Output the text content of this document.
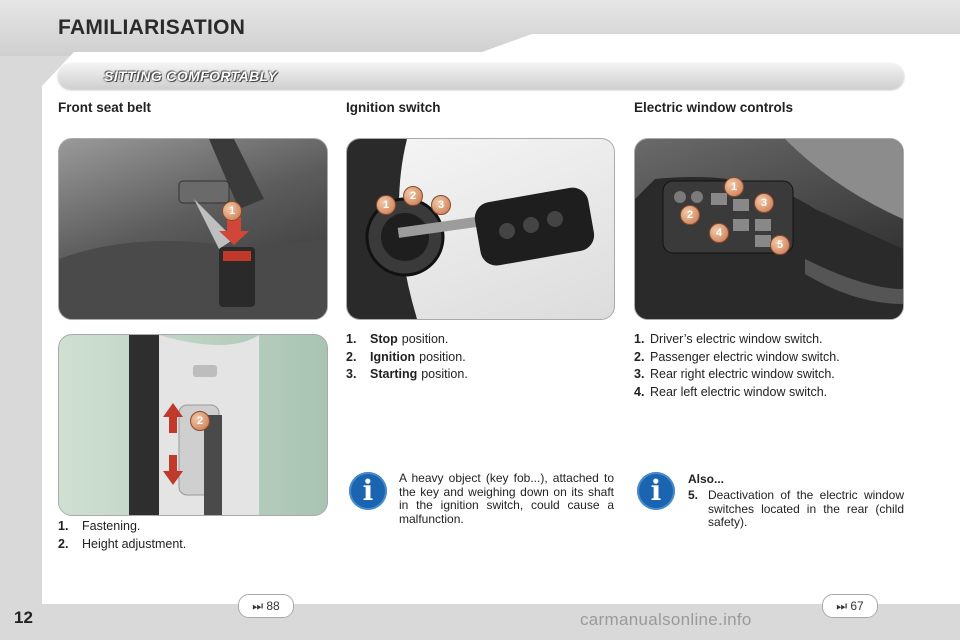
FAMILIARISATION
SITTING COMFORTABLY
Front seat belt
1
2
1.	Fastening.
2.	Height adjustment.
Ignition switch
1
2
3
1.	Stop position.
2.	Ignition position.
3.	Starting position.
i	A heavy object (key fob...), attached to the key and weighing down on its shaft in the ignition switch, could cause a malfunction.
⏭ 88
Electric window controls
1
2
3
4
5
1. Driver’s electric window switch.
2. Passenger electric window switch.
3. Rear right electric window switch.
4. Rear left electric window switch.
i	Also...
5. Deactivation of the electric window switches located in the rear (child safety).
⏭ 67
12	carmanualsonline.info
